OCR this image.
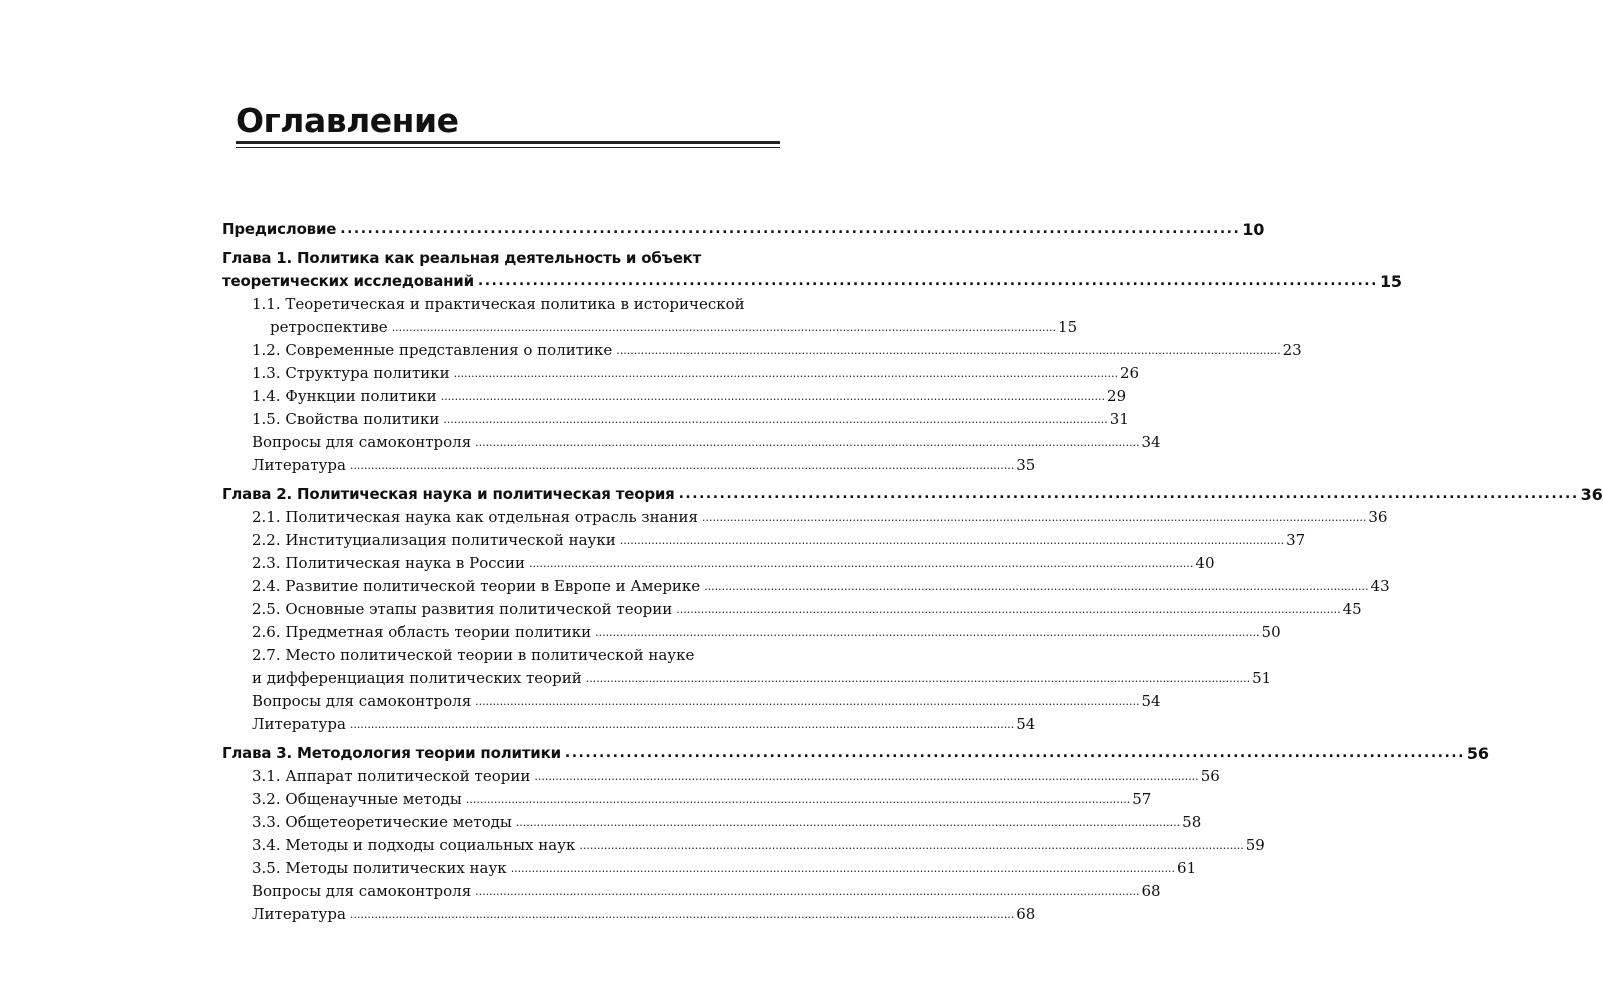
Оглавление
Предисловие .................................................................................................................................... 10
Глава 1. Политика как реальная деятельность и объект
теоретических исследований .................................................................................................................................... 15
1.1. Теоретическая и практическая политика в исторической
ретроспективе .............................................................................................................................................................................................. 15
1.2. Современные представления о политике .............................................................................................................................................................................................. 23
1.3. Структура политики .............................................................................................................................................................................................. 26
1.4. Функции политики .............................................................................................................................................................................................. 29
1.5. Свойства политики .............................................................................................................................................................................................. 31
Вопросы для самоконтроля .............................................................................................................................................................................................. 34
Литература .............................................................................................................................................................................................. 35
Глава 2. Политическая наука и политическая теория .................................................................................................................................... 36
2.1. Политическая наука как отдельная отрасль знания .............................................................................................................................................................................................. 36
2.2. Институциализация политической науки .............................................................................................................................................................................................. 37
2.3. Политическая наука в России .............................................................................................................................................................................................. 40
2.4. Развитие политической теории в Европе и Америке .............................................................................................................................................................................................. 43
2.5. Основные этапы развития политической теории .............................................................................................................................................................................................. 45
2.6. Предметная область теории политики .............................................................................................................................................................................................. 50
2.7. Место политической теории в политической науке
и дифференциация политических теорий .............................................................................................................................................................................................. 51
Вопросы для самоконтроля .............................................................................................................................................................................................. 54
Литература .............................................................................................................................................................................................. 54
Глава 3. Методология теории политики .................................................................................................................................... 56
3.1. Аппарат политической теории .............................................................................................................................................................................................. 56
3.2. Общенаучные методы .............................................................................................................................................................................................. 57
3.3. Общетеоретические методы .............................................................................................................................................................................................. 58
3.4. Методы и подходы социальных наук .............................................................................................................................................................................................. 59
3.5. Методы политических наук .............................................................................................................................................................................................. 61
Вопросы для самоконтроля .............................................................................................................................................................................................. 68
Литература .............................................................................................................................................................................................. 68
